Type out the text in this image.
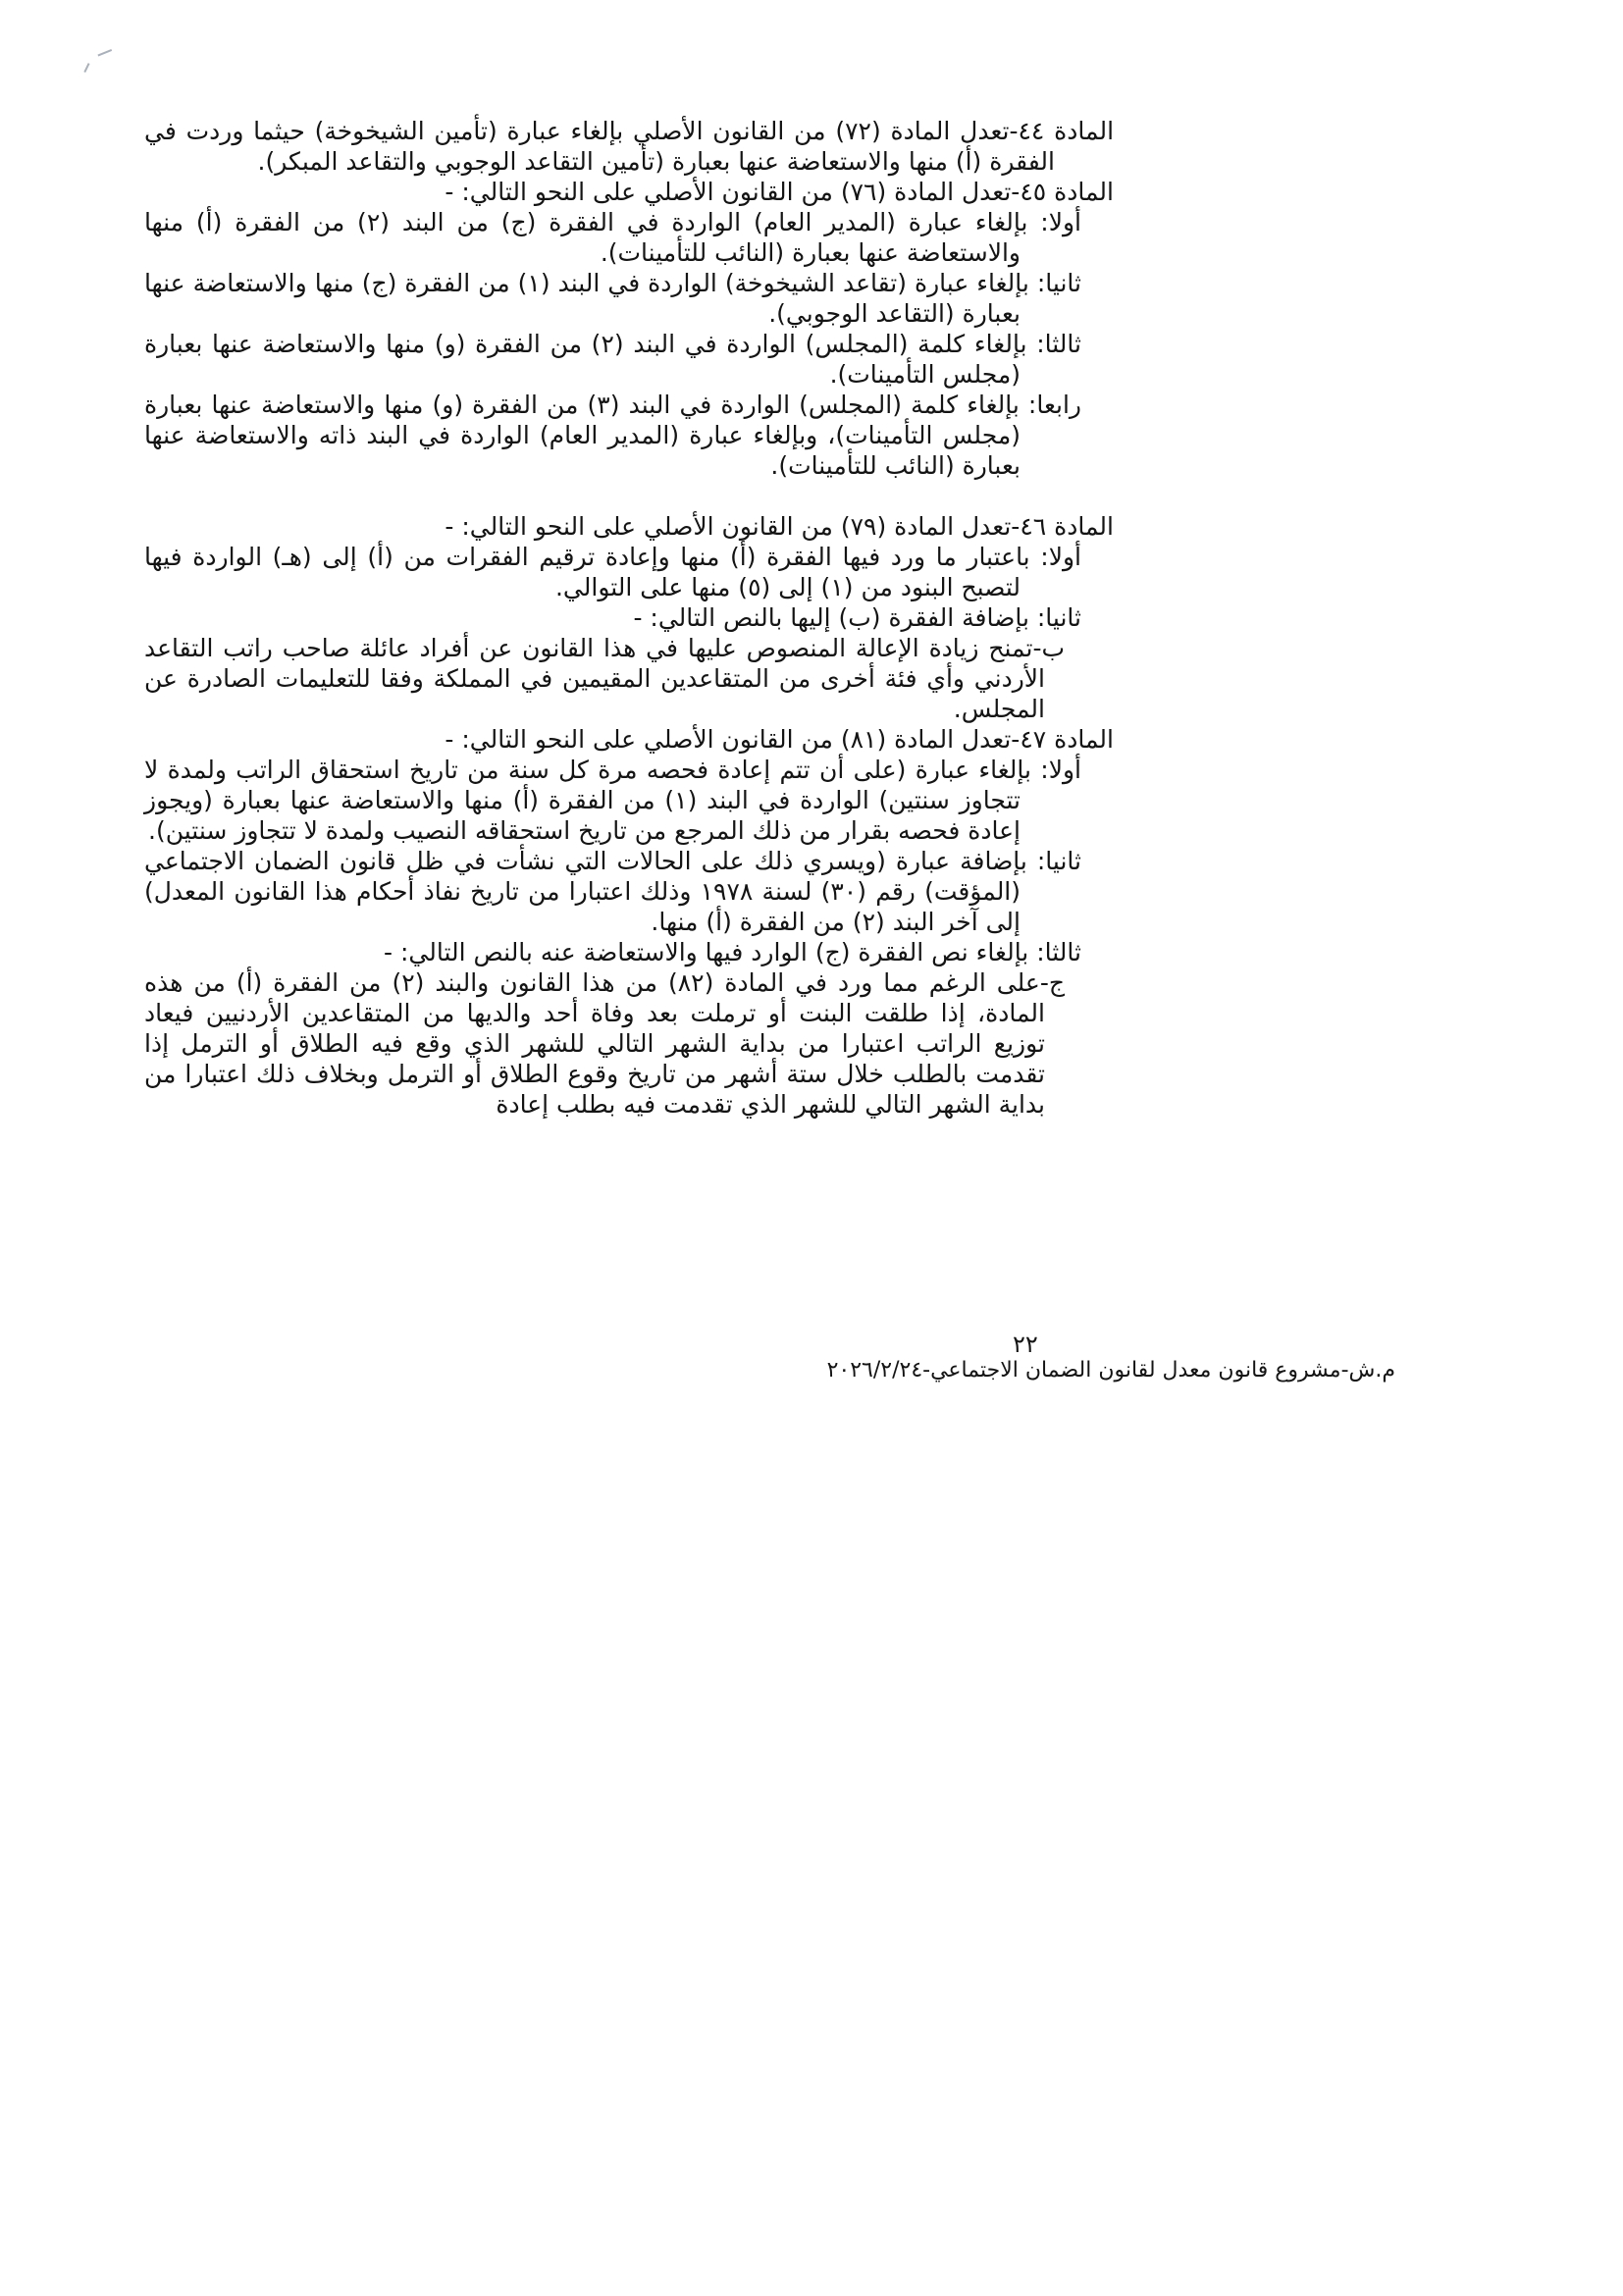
المادة ٤٤-تعدل المادة (٧٢) من القانون الأصلي بإلغاء عبارة (تأمين الشيخوخة) حيثما وردت في الفقرة (أ) منها والاستعاضة عنها بعبارة (تأمين التقاعد الوجوبي والتقاعد المبكر).

المادة ٤٥-تعدل المادة (٧٦) من القانون الأصلي على النحو التالي: -

أولا: بإلغاء عبارة (المدير العام) الواردة في الفقرة (ج) من البند (٢) من الفقرة (أ) منها والاستعاضة عنها بعبارة (النائب للتأمينات).

ثانيا: بإلغاء عبارة (تقاعد الشيخوخة) الواردة في البند (١) من الفقرة (ج) منها والاستعاضة عنها بعبارة (التقاعد الوجوبي).

ثالثا: بإلغاء كلمة (المجلس) الواردة في البند (٢) من الفقرة (و) منها والاستعاضة عنها بعبارة (مجلس التأمينات).

رابعا: بإلغاء كلمة (المجلس) الواردة في البند (٣) من الفقرة (و) منها والاستعاضة عنها بعبارة (مجلس التأمينات)، وبإلغاء عبارة (المدير العام) الواردة في البند ذاته والاستعاضة عنها بعبارة (النائب للتأمينات).

المادة ٤٦-تعدل المادة (٧٩) من القانون الأصلي على النحو التالي: -

أولا: باعتبار ما ورد فيها الفقرة (أ) منها وإعادة ترقيم الفقرات من (أ) إلى (هـ) الواردة فيها لتصبح البنود من (١) إلى (٥) منها على التوالي.

ثانيا: بإضافة الفقرة (ب) إليها بالنص التالي: -

ب-تمنح زيادة الإعالة المنصوص عليها في هذا القانون عن أفراد عائلة صاحب راتب التقاعد الأردني وأي فئة أخرى من المتقاعدين المقيمين في المملكة وفقا للتعليمات الصادرة عن المجلس.

المادة ٤٧-تعدل المادة (٨١) من القانون الأصلي على النحو التالي: -

أولا: بإلغاء عبارة (على أن تتم إعادة فحصه مرة كل سنة من تاريخ استحقاق الراتب ولمدة لا تتجاوز سنتين) الواردة في البند (١) من الفقرة (أ) منها والاستعاضة عنها بعبارة (ويجوز إعادة فحصه بقرار من ذلك المرجع من تاريخ استحقاقه النصيب ولمدة لا تتجاوز سنتين).

ثانيا: بإضافة عبارة (ويسري ذلك على الحالات التي نشأت في ظل قانون الضمان الاجتماعي (المؤقت) رقم (٣٠) لسنة ١٩٧٨ وذلك اعتبارا من تاريخ نفاذ أحكام هذا القانون المعدل) إلى آخر البند (٢) من الفقرة (أ) منها.

ثالثا: بإلغاء نص الفقرة (ج) الوارد فيها والاستعاضة عنه بالنص التالي: -

ج-على الرغم مما ورد في المادة (٨٢) من هذا القانون والبند (٢) من الفقرة (أ) من هذه المادة، إذا طلقت البنت أو ترملت بعد وفاة أحد والديها من المتقاعدين الأردنيين فيعاد توزيع الراتب اعتبارا من بداية الشهر التالي للشهر الذي وقع فيه الطلاق أو الترمل إذا تقدمت بالطلب خلال ستة أشهر من تاريخ وقوع الطلاق أو الترمل وبخلاف ذلك اعتبارا من بداية الشهر التالي للشهر الذي تقدمت فيه بطلب إعادة

٢٢
م.ش-مشروع قانون معدل لقانون الضمان الاجتماعي-٢٠٢٦/٢/٢٤
